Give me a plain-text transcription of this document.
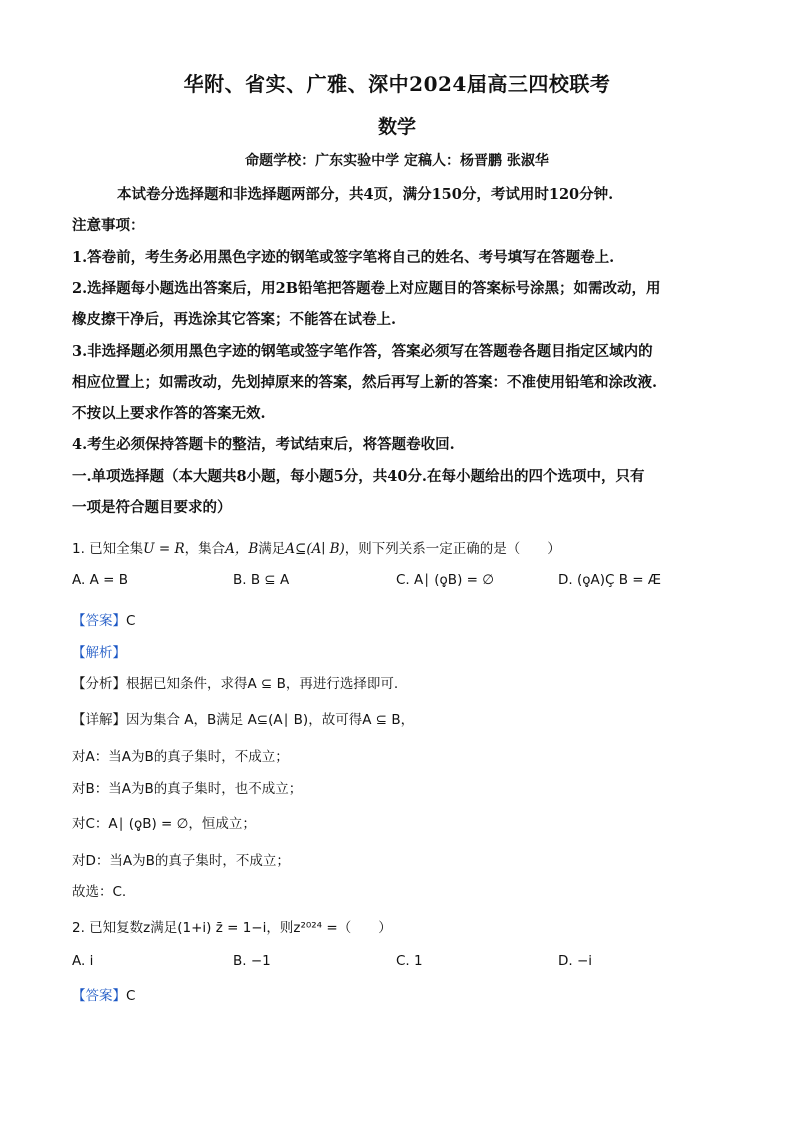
华附、省实、广雅、深中2024届高三四校联考
数学
命题学校：广东实验中学 定稿人：杨晋鹏 张淑华
本试卷分选择题和非选择题两部分，共4页，满分150分，考试用时120分钟.
注意事项：
1.答卷前，考生务必用黑色字迹的钢笔或签字笔将自己的姓名、考号填写在答题卷上.
2.选择题每小题选出答案后，用2B铅笔把答题卷上对应题目的答案标号涂黑；如需改动，用
橡皮擦干净后，再选涂其它答案；不能答在试卷上.
3.非选择题必须用黑色字迹的钢笔或签字笔作答，答案必须写在答题卷各题目指定区域内的
相应位置上；如需改动，先划掉原来的答案，然后再写上新的答案：不准使用铅笔和涂改液.
不按以上要求作答的答案无效.
4.考生必须保持答题卡的整洁，考试结束后，将答题卷收回.
一.单项选择题（本大题共8小题，每小题5分，共40分.在每小题给出的四个选项中，只有
一项是符合题目要求的）
1. 已知全集U = R，集合A，B满足A⊆(A∣ B)，则下列关系一定正确的是（　　）
A. A = B	B. B ⊆ A	C. A∣ (ǫ̧B) = ∅	D. (ǫ̧A)Ç B = Æ
【答案】C
【解析】
【分析】根据已知条件，求得A ⊆ B，再进行选择即可.
【详解】因为集合 A，B满足 A⊆(A∣ B)，故可得A ⊆ B，
对A：当A为B的真子集时，不成立；
对B：当A为B的真子集时，也不成立；
对C：A∣ (ǫ̧B) = ∅，恒成立；
对D：当A为B的真子集时，不成立；
故选：C.
2. 已知复数z满足(1+i) z̄ = 1−i，则z²⁰²⁴ =（　　）
A. i	B. −1	C. 1	D. −i
【答案】C
